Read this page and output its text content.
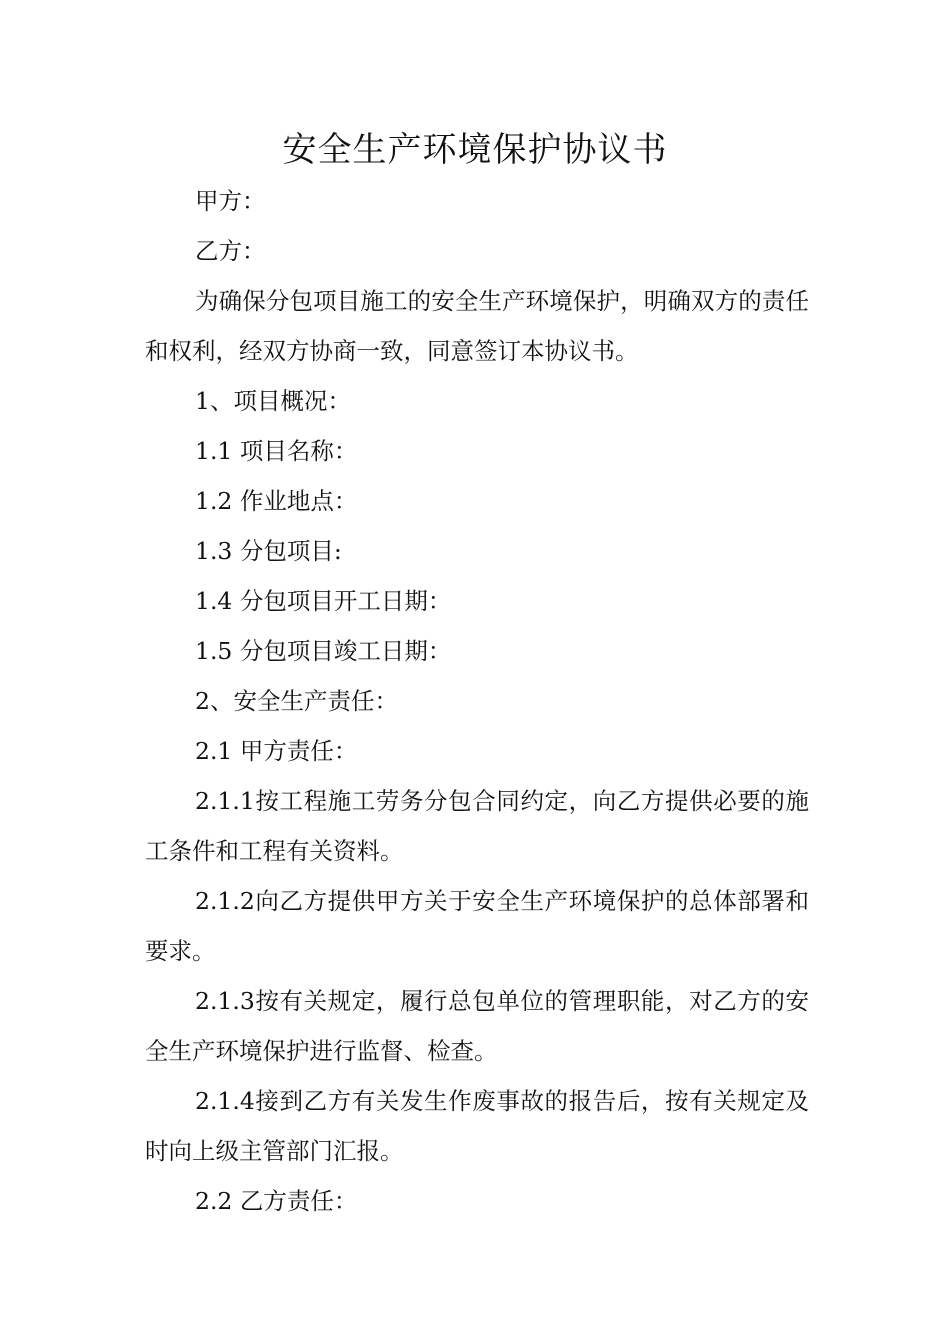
安全生产环境保护协议书

甲方：

乙方：

为确保分包项目施工的安全生产环境保护，明确双方的责任和权利，经双方协商一致，同意签订本协议书。

1、项目概况：

1.1 项目名称：

1.2 作业地点：

1.3 分包项目:

1.4 分包项目开工日期：

1.5 分包项目竣工日期：

2、安全生产责任：

2.1 甲方责任：

2.1.1按工程施工劳务分包合同约定，向乙方提供必要的施工条件和工程有关资料。

2.1.2向乙方提供甲方关于安全生产环境保护的总体部署和要求。

2.1.3按有关规定，履行总包单位的管理职能，对乙方的安全生产环境保护进行监督、检查。

2.1.4接到乙方有关发生作废事故的报告后，按有关规定及时向上级主管部门汇报。

2.2 乙方责任：
